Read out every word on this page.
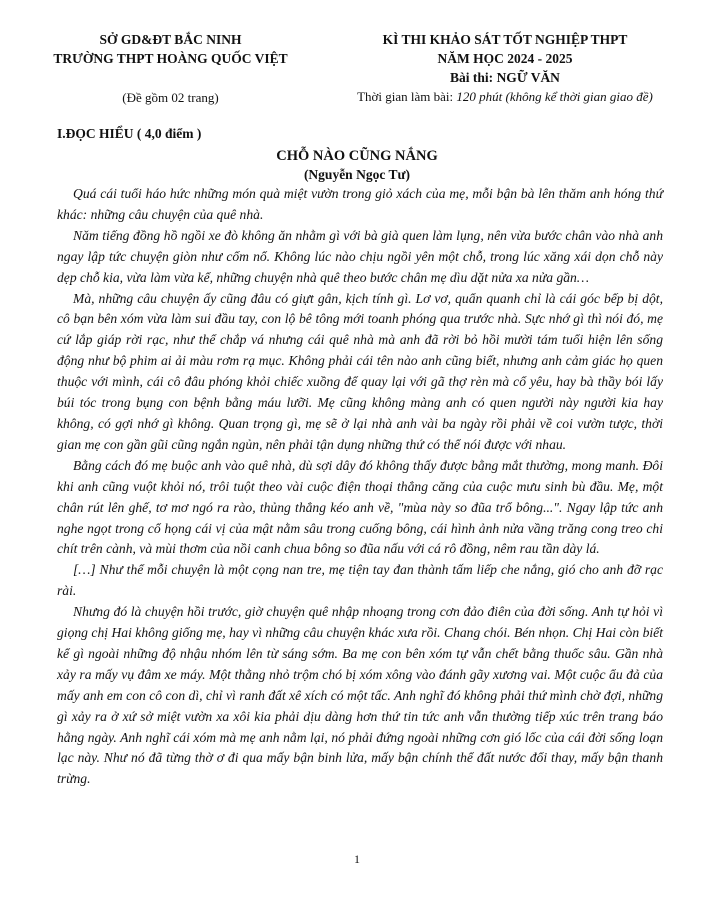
SỞ GD&ĐT BẮC NINH
TRƯỜNG THPT HOÀNG QUỐC VIỆT
(Đề gồm 02 trang)
KÌ THI KHẢO SÁT TỐT NGHIỆP THPT
NĂM HỌC 2024 - 2025
Bài thi: NGỮ VĂN
Thời gian làm bài: 120 phút (không kể thời gian giao đề)
I.ĐỌC HIỂU ( 4,0 điểm )
CHỖ NÀO CŨNG NẮNG
(Nguyễn Ngọc Tư)

Quá cái tuổi háo hức những món quà miệt vườn trong giỏ xách của mẹ, mỗi bận bà lên thăm anh hóng thứ khác: những câu chuyện của quê nhà.

Năm tiếng đồng hồ ngồi xe đò không ăn nhằm gì với bà già quen làm lụng, nên vừa bước chân vào nhà anh ngay lập tức chuyện giòn như cốm nổ. Không lúc nào chịu ngồi yên một chỗ, trong lúc xăng xái dọn chỗ này dẹp chỗ kia, vừa làm vừa kể, những chuyện nhà quê theo bước chân mẹ dìu dặt nửa xa nửa gần…

Mà, những câu chuyện ấy cũng đâu có giựt gân, kịch tính gì. Lơ vơ, quẩn quanh chỉ là cái góc bếp bị dột, cô bạn bên xóm vừa làm sui đầu tay, con lộ bê tông mới toanh phóng qua trước nhà. Sực nhớ gì thì nói đó, mẹ cứ lắp giáp rời rạc, như thể chắp vá nhưng cái quê nhà mà anh đã rời bỏ hồi mười tám tuổi hiện lên sống động như bộ phim ai ải màu rơm rạ mục. Không phải cái tên nào anh cũng biết, nhưng anh cảm giác họ quen thuộc với mình, cái cô đâu phóng khỏi chiếc xuồng để quay lại với gã thợ rèn mà cổ yêu, hay bà thầy bói lấy búi tóc trong bụng con bệnh bằng máu lưỡi. Mẹ cũng không màng anh có quen người này người kia hay không, có gợi nhớ gì không. Quan trọng gì, mẹ sẽ ở lại nhà anh vài ba ngày rồi phải về coi vườn tược, thời gian mẹ con gần gũi cũng ngắn ngủn, nên phải tận dụng những thứ có thể nói được với nhau.

Bằng cách đó mẹ buộc anh vào quê nhà, dù sợi dây đó không thấy được bằng mắt thường, mong manh. Đôi khi anh cũng vuột khỏi nó, trôi tuột theo vài cuộc điện thoại thẳng căng của cuộc mưu sinh bù đầu. Mẹ, một chân rút lên ghế, tơ mơ ngó ra rào, thủng thẳng kéo anh về, "mùa này so đũa trổ bông...". Ngay lập tức anh nghe ngọt trong cổ họng cái vị của mật nằm sâu trong cuống bông, cái hình ảnh nửa vầng trăng cong treo chi chít trên cành, và mùi thơm của nồi canh chua bông so đũa nấu với cá rô đồng, nêm rau tần dày lá.

[…] Như thể mỗi chuyện là một cọng nan tre, mẹ tiện tay đan thành tấm liếp che nắng, gió cho anh đỡ rạc rài.

Nhưng đó là chuyện hồi trước, giờ chuyện quê nhập nhoạng trong cơn đảo điên của đời sống. Anh tự hỏi vì giọng chị Hai không giống mẹ, hay vì những câu chuyện khác xưa rồi. Chang chói. Bén nhọn. Chị Hai còn biết kể gì ngoài những độ nhậu nhóm lên từ sáng sớm. Ba mẹ con bên xóm tự vẫn chết bằng thuốc sâu. Gần nhà xảy ra mấy vụ đâm xe máy. Một thằng nhỏ trộm chó bị xóm xông vào đánh gãy xương vai. Một cuộc ẩu đả của mấy anh em con cô con dì, chỉ vì ranh đất xê xích có một tấc. Anh nghĩ đó không phải thứ mình chờ đợi, những gì xảy ra ở xứ sở miệt vườn xa xôi kia phải dịu dàng hơn thứ tin tức anh vẫn thường tiếp xúc trên trang báo hằng ngày. Anh nghĩ cái xóm mà mẹ anh nằm lại, nó phải đứng ngoài những cơn gió lốc của cái đời sống loạn lạc này. Như nó đã từng thờ ơ đi qua mấy bận binh lửa, mấy bận chính thể đất nước đổi thay, mấy bận thanh trừng.

1
